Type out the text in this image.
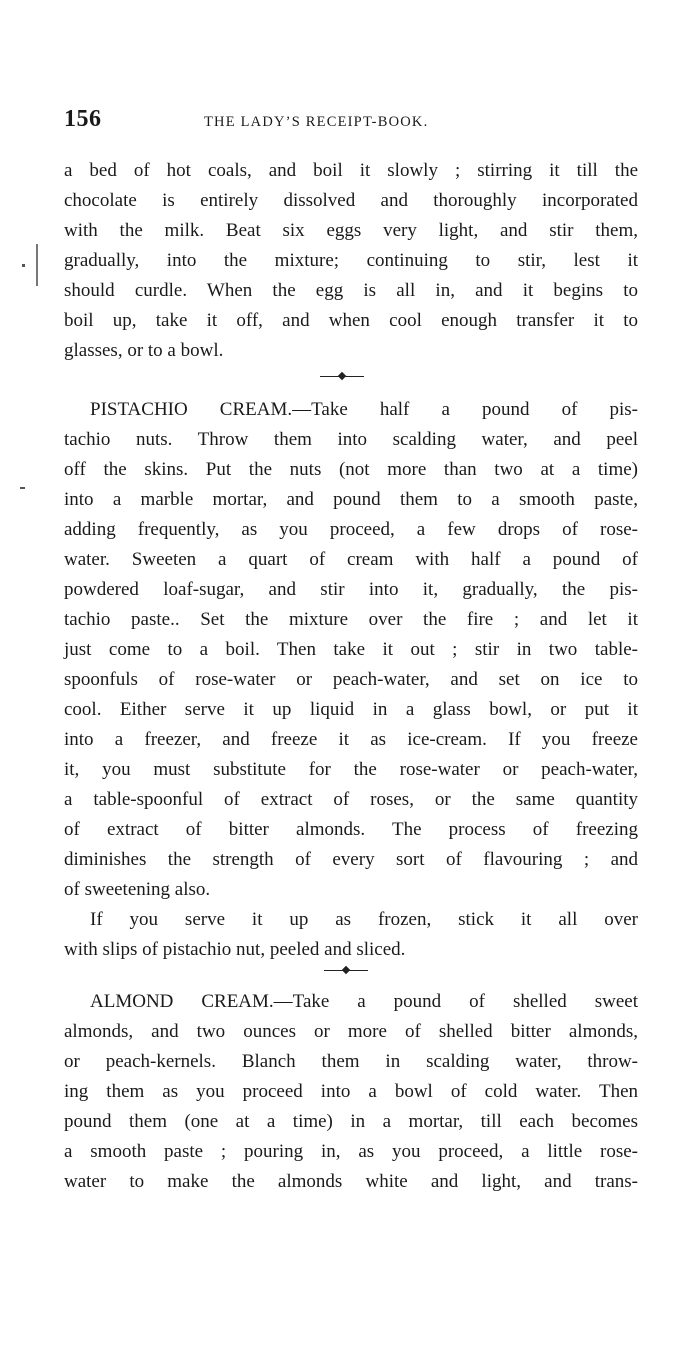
156	THE LADY’S RECEIPT-BOOK.
a bed of hot coals, and boil it slowly ; stirring it till the
chocolate is entirely dissolved and thoroughly incorporated
with the milk. Beat six eggs very light, and stir them,
gradually, into the mixture; continuing to stir, lest it
should curdle. When the egg is all in, and it begins to
boil up, take it off, and when cool enough transfer it to
glasses, or to a bowl.
PISTACHIO CREAM.—Take half a pound of pis-
tachio nuts. Throw them into scalding water, and peel
off the skins. Put the nuts (not more than two at a time)
into a marble mortar, and pound them to a smooth paste,
adding frequently, as you proceed, a few drops of rose-
water. Sweeten a quart of cream with half a pound of
powdered loaf-sugar, and stir into it, gradually, the pis-
tachio paste.. Set the mixture over the fire ; and let it
just come to a boil. Then take it out ; stir in two table-
spoonfuls of rose-water or peach-water, and set on ice to
cool. Either serve it up liquid in a glass bowl, or put it
into a freezer, and freeze it as ice-cream. If you freeze
it, you must substitute for the rose-water or peach-water,
a table-spoonful of extract of roses, or the same quantity
of extract of bitter almonds. The process of freezing
diminishes the strength of every sort of flavouring ; and
of sweetening also.
If you serve it up as frozen, stick it all over
with slips of pistachio nut, peeled and sliced.
ALMOND CREAM.—Take a pound of shelled sweet
almonds, and two ounces or more of shelled bitter almonds,
or peach-kernels. Blanch them in scalding water, throw-
ing them as you proceed into a bowl of cold water. Then
pound them (one at a time) in a mortar, till each becomes
a smooth paste ; pouring in, as you proceed, a little rose-
water to make the almonds white and light, and trans-
